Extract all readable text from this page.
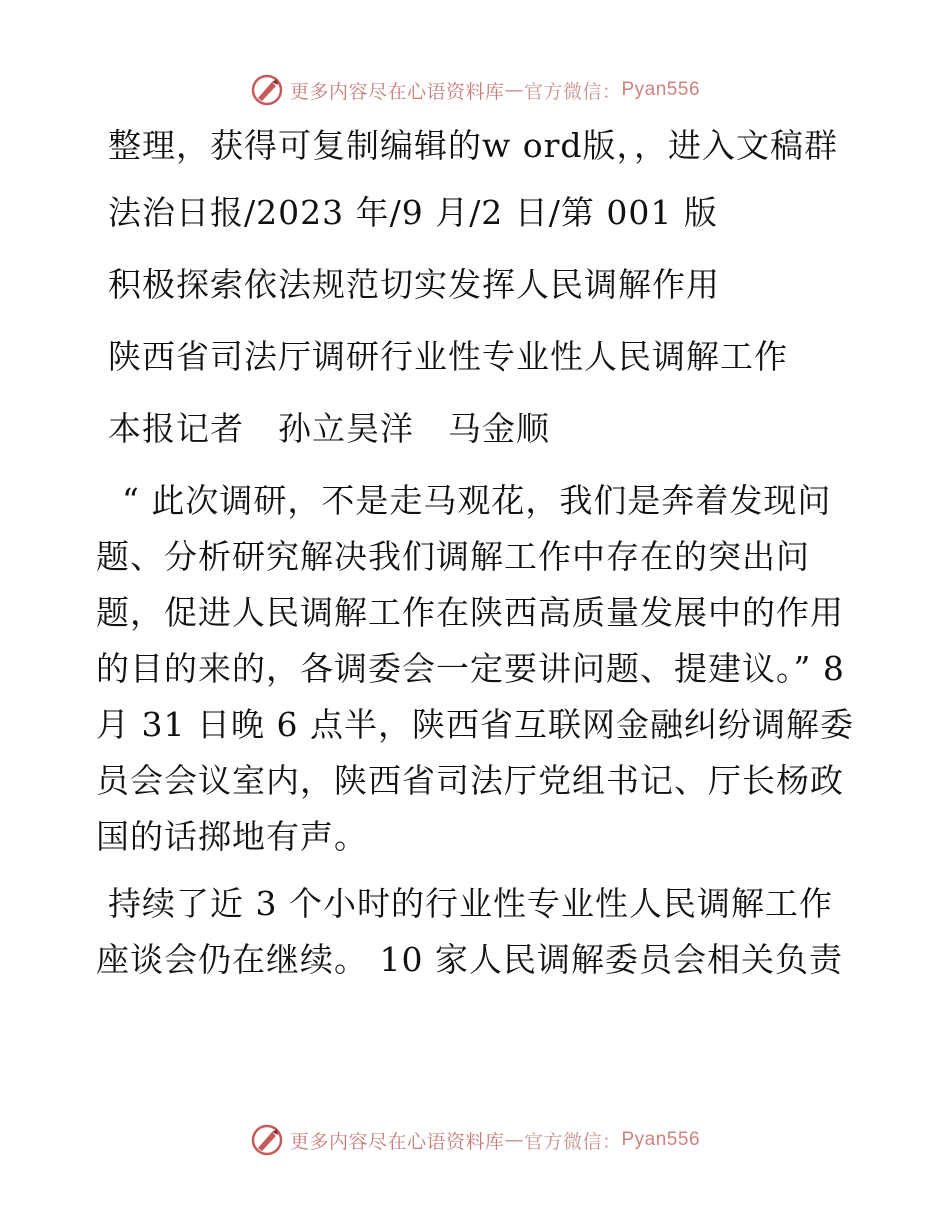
更多内容尽在心语资料库 — 官方微信： Pyan556

整理，获得可复制编辑的w ord版，，进入文稿群

法治日报/2023 年/9 月/2 日/第 001 版

积极探索依法规范切实发挥人民调解作用

陕西省司法厅调研行业性专业性人民调解工作

本报记者　孙立昊洋　马金顺

“ 此次调研，不是走马观花，我们是奔着发现问题、分析研究解决我们调解工作中存在的突出问题，促进人民调解工作在陕西高质量发展中的作用的目的来的，各调委会一定要讲问题、提建议。” 8 月 31 日晚 6 点半，陕西省互联网金融纠纷调解委员会会议室内，陕西省司法厅党组书记、厅长杨政国的话掷地有声。

持续了近 3 个小时的行业性专业性人民调解工作座谈会仍在继续。 10 家人民调解委员会相关负责

更多内容尽在心语资料库 — 官方微信： Pyan556
